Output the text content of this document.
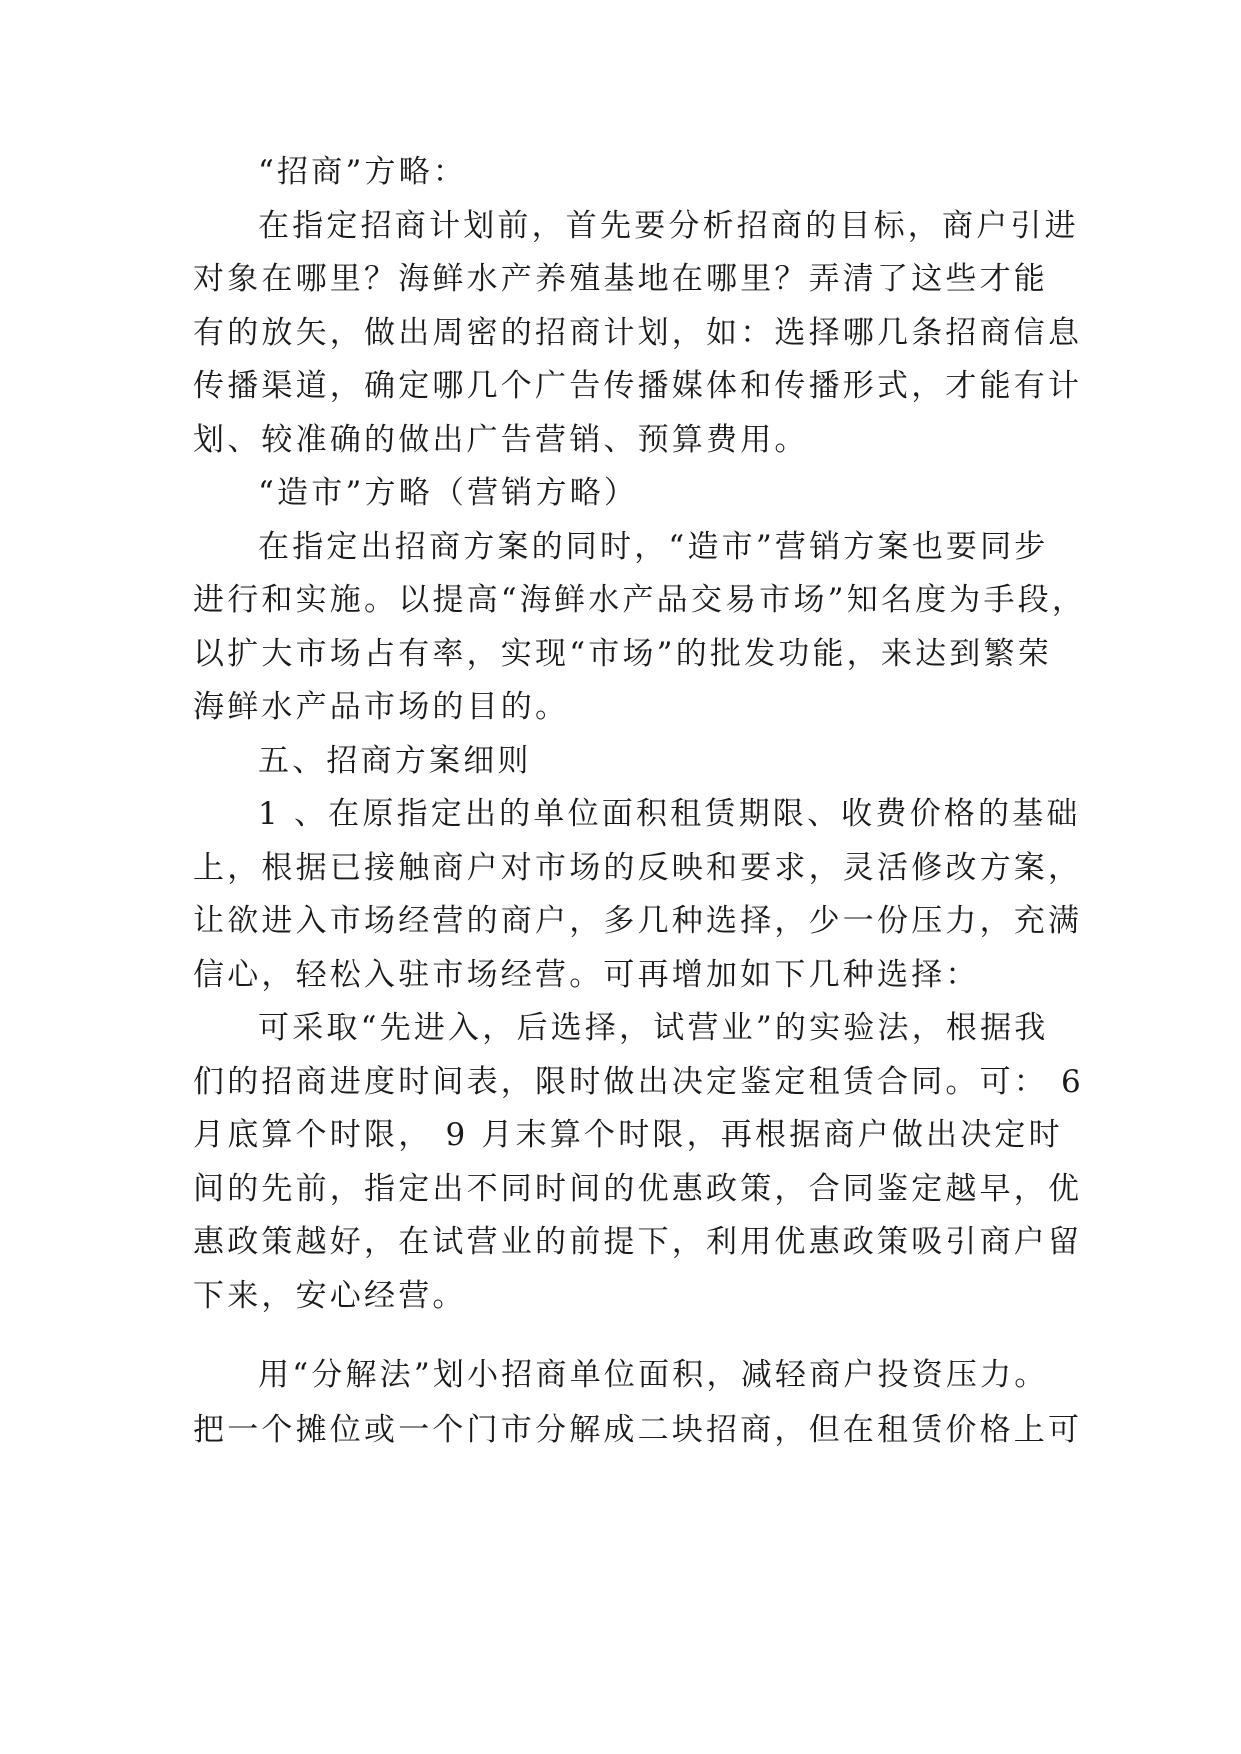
“招商”方略：

在指定招商计划前，首先要分析招商的目标，商户引进

对象在哪里？海鲜水产养殖基地在哪里？弄清了这些才能

有的放矢，做出周密的招商计划，如：选择哪几条招商信息

传播渠道，确定哪几个广告传播媒体和传播形式，才能有计

划、较准确的做出广告营销、预算费用。

“造市”方略（营销方略）

在指定出招商方案的同时，“造市”营销方案也要同步

进行和实施。以提高“海鲜水产品交易市场”知名度为手段，

以扩大市场占有率，实现“市场”的批发功能，来达到繁荣

海鲜水产品市场的目的。

五、招商方案细则

1 、在原指定出的单位面积租赁期限、收费价格的基础

上，根据已接触商户对市场的反映和要求，灵活修改方案，

让欲进入市场经营的商户，多几种选择，少一份压力，充满

信心，轻松入驻市场经营。可再增加如下几种选择：

可采取“先进入，后选择，试营业”的实验法，根据我

们的招商进度时间表，限时做出决定鉴定租赁合同。可： 6

月底算个时限， 9 月末算个时限，再根据商户做出决定时

间的先前，指定出不同时间的优惠政策，合同鉴定越早，优

惠政策越好，在试营业的前提下，利用优惠政策吸引商户留

下来，安心经营。

用“分解法”划小招商单位面积，减轻商户投资压力。

把一个摊位或一个门市分解成二块招商，但在租赁价格上可
